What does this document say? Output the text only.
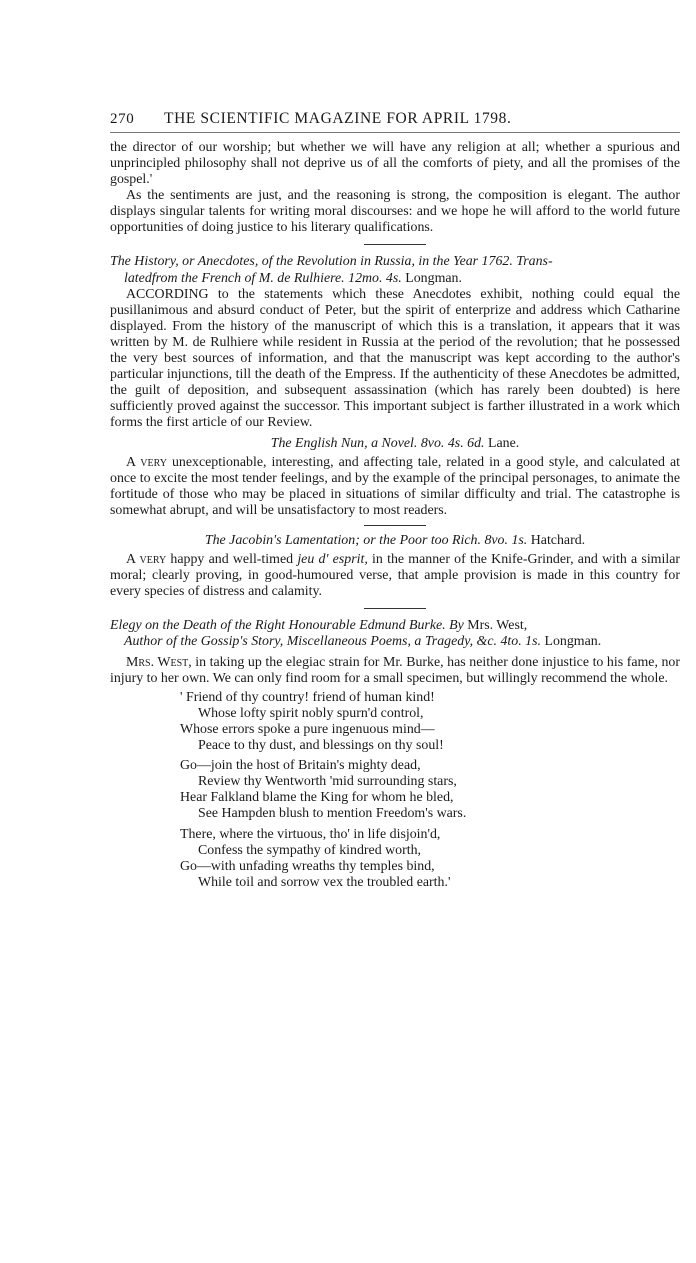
270	THE SCIENTIFIC MAGAZINE FOR APRIL 1798.

the director of our worship; but whether we will have any religion at all; whether a spurious and unprincipled philosophy shall not deprive us of all the comforts of piety, and all the promises of the gospel.'

As the sentiments are just, and the reasoning is strong, the composition is elegant. The author displays singular talents for writing moral discourses: and we hope he will afford to the world future opportunities of doing justice to his literary qualifications.

The History, or Anecdotes, of the Revolution in Russia, in the Year 1762. Trans-
latedfrom the French of M. de Rulhiere. 12mo. 4s. Longman.

ACCORDING to the statements which these Anecdotes exhibit, nothing could equal the pusillanimous and absurd conduct of Peter, but the spirit of enterprize and address which Catharine displayed. From the history of the manuscript of which this is a translation, it appears that it was written by M. de Rulhiere while resident in Russia at the period of the revolution; that he possessed the very best sources of information, and that the manuscript was kept according to the author's particular injunctions, till the death of the Empress. If the authenticity of these Anecdotes be admitted, the guilt of deposition, and subsequent assassination (which has rarely been doubted) is here sufficiently proved against the successor. This important subject is farther illustrated in a work which forms the first article of our Review.

The English Nun, a Novel. 8vo. 4s. 6d. Lane.

A very unexceptionable, interesting, and affecting tale, related in a good style, and calculated at once to excite the most tender feelings, and by the example of the principal personages, to animate the fortitude of those who may be placed in situations of similar difficulty and trial. The catastrophe is somewhat abrupt, and will be unsatisfactory to most readers.

The Jacobin's Lamentation; or the Poor too Rich. 8vo. 1s. Hatchard.

A very happy and well-timed jeu d' esprit, in the manner of the Knife-Grinder, and with a similar moral; clearly proving, in good-humoured verse, that ample provision is made in this country for every species of distress and calamity.

Elegy on the Death of the Right Honourable Edmund Burke. By Mrs. West,
Author of the Gossip's Story, Miscellaneous Poems, a Tragedy, &c. 4to. 1s. Longman.

Mrs. West, in taking up the elegiac strain for Mr. Burke, has neither done injustice to his fame, nor injury to her own. We can only find room for a small specimen, but willingly recommend the whole.

' Friend of thy country! friend of human kind!
Whose lofty spirit nobly spurn'd control,
Whose errors spoke a pure ingenuous mind—
Peace to thy dust, and blessings on thy soul!
Go—join the host of Britain's mighty dead,
Review thy Wentworth 'mid surrounding stars,
Hear Falkland blame the King for whom he bled,
See Hampden blush to mention Freedom's wars.
There, where the virtuous, tho' in life disjoin'd,
Confess the sympathy of kindred worth,
Go—with unfading wreaths thy temples bind,
While toil and sorrow vex the troubled earth.'
